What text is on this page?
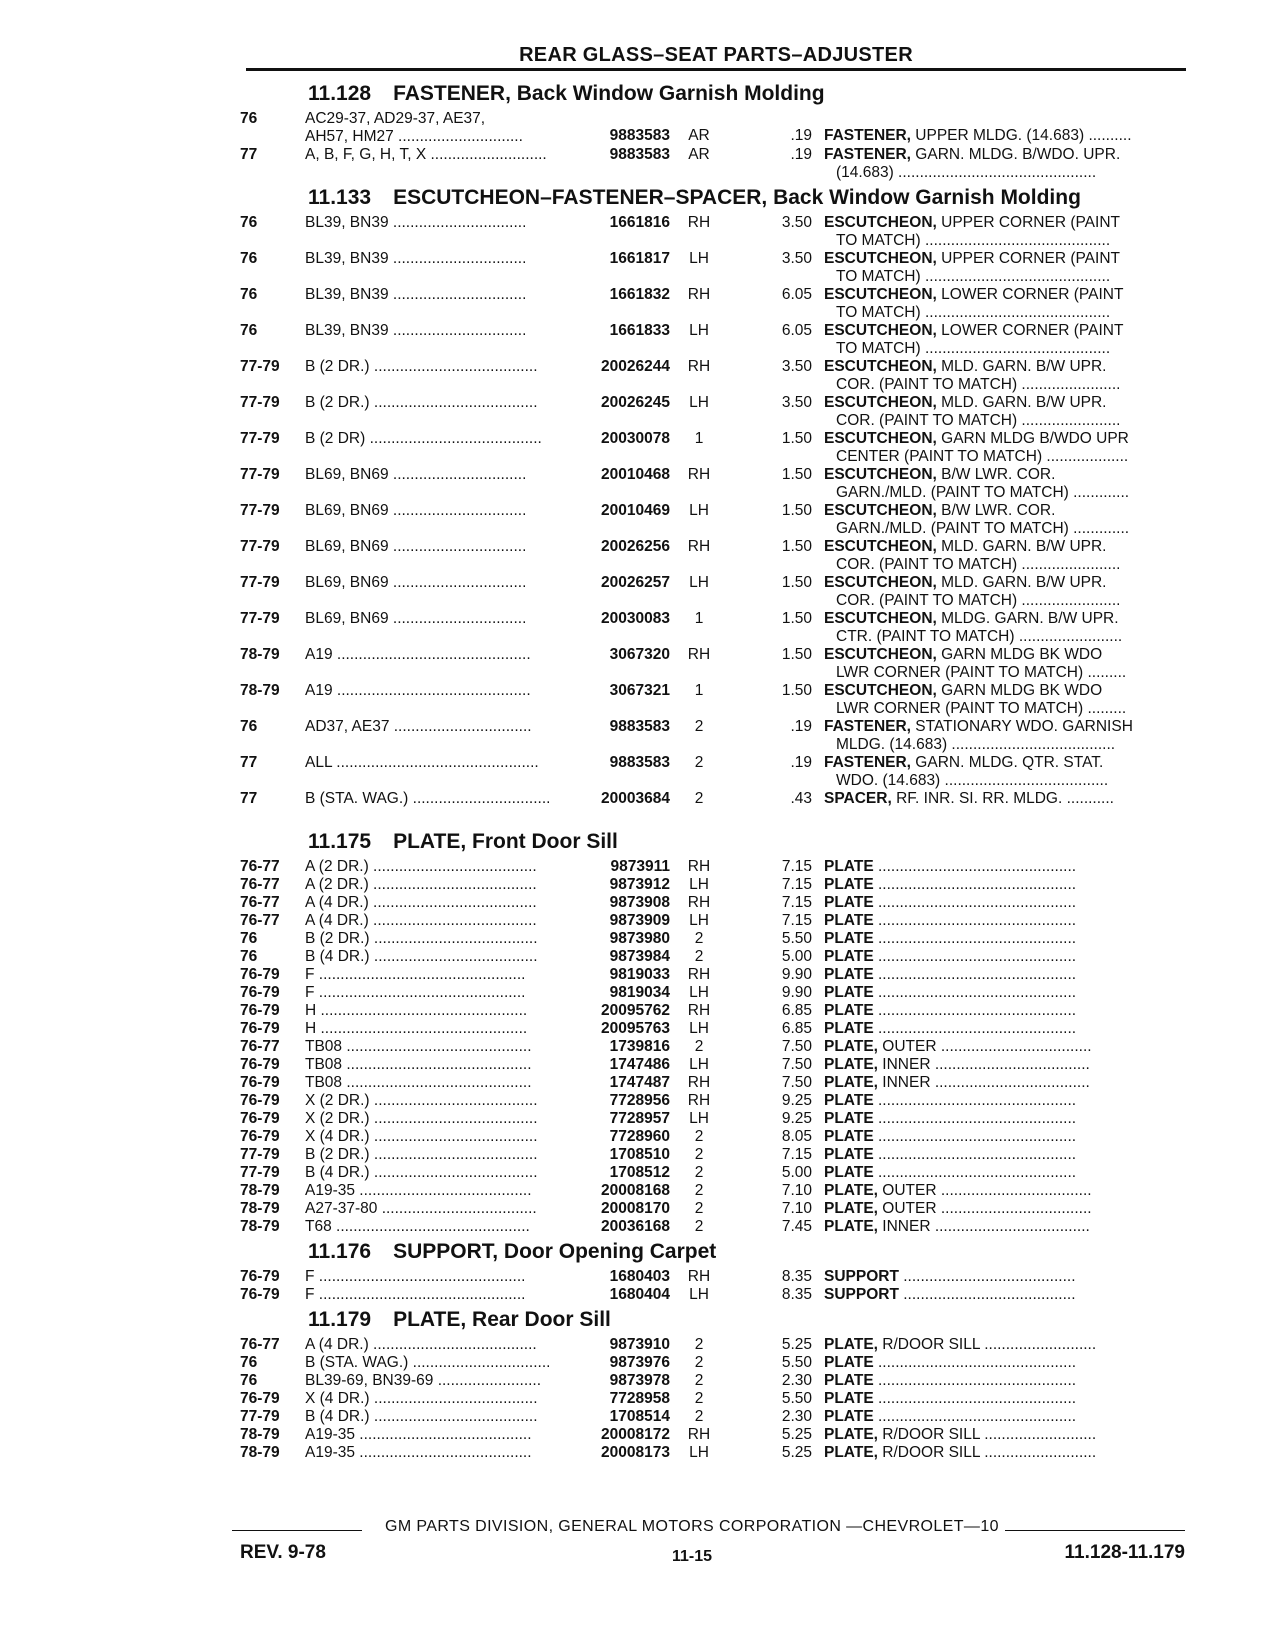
REAR GLASS–SEAT PARTS–ADJUSTER
11.128 FASTENER, Back Window Garnish Molding
76	AC29-37, AD29-37, AE37,
AH57, HM27 .............................	9883583	AR	.19 FASTENER, UPPER MLDG. (14.683) ..........
77	A, B, F, G, H, T, X ...........................	9883583	AR	.19 FASTENER, GARN. MLDG. B/WDO. UPR.
(14.683) ..............................................
11.133 ESCUTCHEON–FASTENER–SPACER, Back Window Garnish Molding
76	BL39, BN39 ...............................	1661816	RH	3.50 ESCUTCHEON, UPPER CORNER (PAINT
TO MATCH) ...........................................
76	BL39, BN39 ...............................	1661817	LH	3.50 ESCUTCHEON, UPPER CORNER (PAINT
TO MATCH) ...........................................
76	BL39, BN39 ...............................	1661832	RH	6.05 ESCUTCHEON, LOWER CORNER (PAINT
TO MATCH) ...........................................
76	BL39, BN39 ...............................	1661833	LH	6.05 ESCUTCHEON, LOWER CORNER (PAINT
TO MATCH) ...........................................
77-79	B (2 DR.) ......................................	20026244	RH	3.50 ESCUTCHEON, MLD. GARN. B/W UPR.
COR. (PAINT TO MATCH) .......................
77-79	B (2 DR.) ......................................	20026245	LH	3.50 ESCUTCHEON, MLD. GARN. B/W UPR.
COR. (PAINT TO MATCH) .......................
77-79	B (2 DR) ........................................	20030078	1	1.50 ESCUTCHEON, GARN MLDG B/WDO UPR
CENTER (PAINT TO MATCH) ...................
77-79	BL69, BN69 ...............................	20010468	RH	1.50 ESCUTCHEON, B/W LWR. COR.
GARN./MLD. (PAINT TO MATCH) .............
77-79	BL69, BN69 ...............................	20010469	LH	1.50 ESCUTCHEON, B/W LWR. COR.
GARN./MLD. (PAINT TO MATCH) .............
77-79	BL69, BN69 ...............................	20026256	RH	1.50 ESCUTCHEON, MLD. GARN. B/W UPR.
COR. (PAINT TO MATCH) .......................
77-79	BL69, BN69 ...............................	20026257	LH	1.50 ESCUTCHEON, MLD. GARN. B/W UPR.
COR. (PAINT TO MATCH) .......................
77-79	BL69, BN69 ...............................	20030083	1	1.50 ESCUTCHEON, MLDG. GARN. B/W UPR.
CTR. (PAINT TO MATCH) ........................
78-79	A19 .............................................	3067320	RH	1.50 ESCUTCHEON, GARN MLDG BK WDO
LWR CORNER (PAINT TO MATCH) .........
78-79	A19 .............................................	3067321	1	1.50 ESCUTCHEON, GARN MLDG BK WDO
LWR CORNER (PAINT TO MATCH) .........
76	AD37, AE37 ................................	9883583	2	.19 FASTENER, STATIONARY WDO. GARNISH
MLDG. (14.683) ......................................
77	ALL ...............................................	9883583	2	.19 FASTENER, GARN. MLDG. QTR. STAT.
WDO. (14.683) ......................................
77	B (STA. WAG.) ................................	20003684	2	.43 SPACER, RF. INR. SI. RR. MLDG. ...........
11.175 PLATE, Front Door Sill
76-77	A (2 DR.) ......................................	9873911	RH	7.15 PLATE ..............................................
76-77	A (2 DR.) ......................................	9873912	LH	7.15 PLATE ..............................................
76-77	A (4 DR.) ......................................	9873908	RH	7.15 PLATE ..............................................
76-77	A (4 DR.) ......................................	9873909	LH	7.15 PLATE ..............................................
76	B (2 DR.) ......................................	9873980	2	5.50 PLATE ..............................................
76	B (4 DR.) ......................................	9873984	2	5.00 PLATE ..............................................
76-79	F ................................................	9819033	RH	9.90 PLATE ..............................................
76-79	F ................................................	9819034	LH	9.90 PLATE ..............................................
76-79	H ................................................	20095762	RH	6.85 PLATE ..............................................
76-79	H ................................................	20095763	LH	6.85 PLATE ..............................................
76-77	TB08 ...........................................	1739816	2	7.50 PLATE, OUTER ...................................
76-79	TB08 ...........................................	1747486	LH	7.50 PLATE, INNER ....................................
76-79	TB08 ...........................................	1747487	RH	7.50 PLATE, INNER ....................................
76-79	X (2 DR.) ......................................	7728956	RH	9.25 PLATE ..............................................
76-79	X (2 DR.) ......................................	7728957	LH	9.25 PLATE ..............................................
76-79	X (4 DR.) ......................................	7728960	2	8.05 PLATE ..............................................
77-79	B (2 DR.) ......................................	1708510	2	7.15 PLATE ..............................................
77-79	B (4 DR.) ......................................	1708512	2	5.00 PLATE ..............................................
78-79	A19-35 ........................................	20008168	2	7.10 PLATE, OUTER ...................................
78-79	A27-37-80 ....................................	20008170	2	7.10 PLATE, OUTER ...................................
78-79	T68 .............................................	20036168	2	7.45 PLATE, INNER ....................................
11.176 SUPPORT, Door Opening Carpet
76-79	F ................................................	1680403	RH	8.35 SUPPORT ........................................
76-79	F ................................................	1680404	LH	8.35 SUPPORT ........................................
11.179 PLATE, Rear Door Sill
76-77	A (4 DR.) ......................................	9873910	2	5.25 PLATE, R/DOOR SILL ..........................
76	B (STA. WAG.) ................................	9873976	2	5.50 PLATE ..............................................
76	BL39-69, BN39-69 ........................	9873978	2	2.30 PLATE ..............................................
76-79	X (4 DR.) ......................................	7728958	2	5.50 PLATE ..............................................
77-79	B (4 DR.) ......................................	1708514	2	2.30 PLATE ..............................................
78-79	A19-35 ........................................	20008172	RH	5.25 PLATE, R/DOOR SILL ..........................
78-79	A19-35 ........................................	20008173	LH	5.25 PLATE, R/DOOR SILL ..........................
GM PARTS DIVISION, GENERAL MOTORS CORPORATION —CHEVROLET—10
REV. 9-78	11-15	11.128-11.179
